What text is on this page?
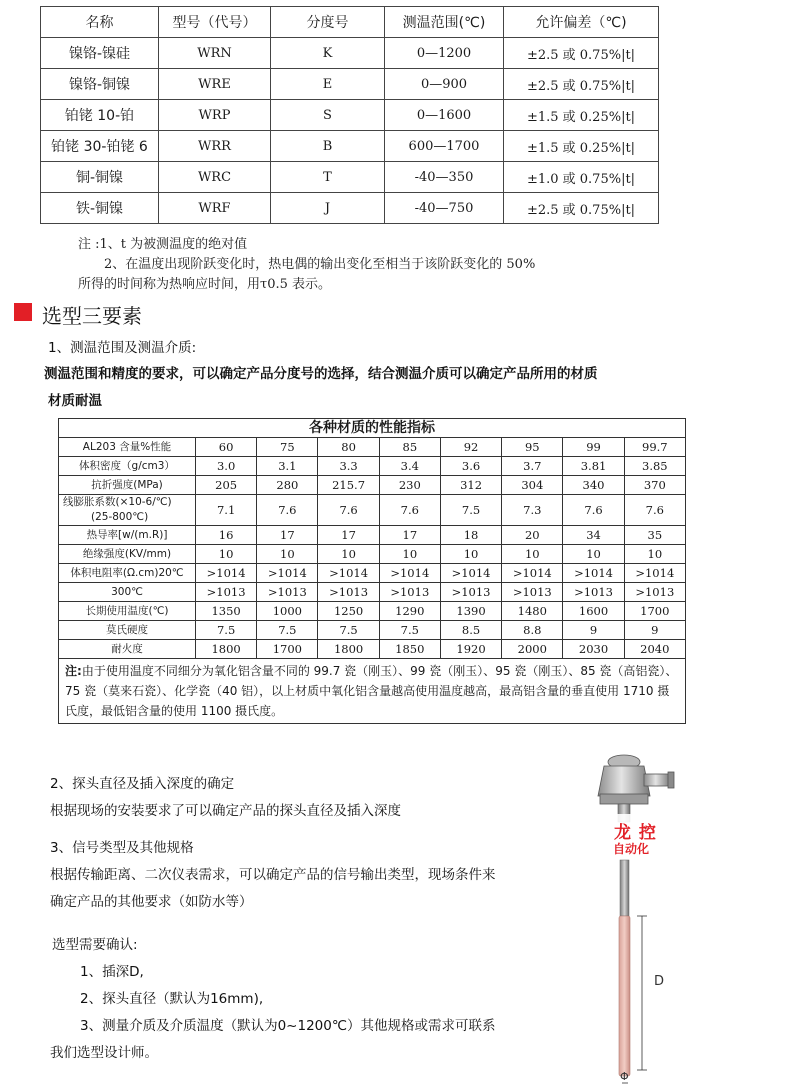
名称	型号（代号）	分度号	测温范围(℃)	允许偏差（℃)
镍铬-镍硅	WRN	K	0—1200	±2.5 或 0.75%|t|
镍铬-铜镍	WRE	E	0—900	±2.5 或 0.75%|t|
铂铑 10-铂	WRP	S	0—1600	±1.5 或 0.25%|t|
铂铑 30-铂铑 6	WRR	B	600—1700	±1.5 或 0.25%|t|
铜-铜镍	WRC	T	-40—350	±1.0 或 0.75%|t|
铁-铜镍	WRF	J	-40—750	±2.5 或 0.75%|t|
注 :1、t 为被测温度的绝对值
2、在温度出现阶跃变化时，热电偶的输出变化至相当于该阶跃变化的 50%
所得的时间称为热响应时间，用τ0.5 表示。
选型三要素
1、测温范围及测温介质:
测温范围和精度的要求，可以确定产品分度号的选择，结合测温介质可以确定产品所用的材质
材质耐温
各种材质的性能指标								
AL203 含量%性能	60	75	80	85	92	95	99	99.7
体积密度（g/cm3）	3.0	3.1	3.3	3.4	3.6	3.7	3.81	3.85
抗折强度(MPa)	205	280	215.7	230	312	304	340	370

线膨胀系数(×10-6/℃)
(25-800℃)	7.1	7.6	7.6	7.6	7.5	7.3	7.6	7.6
热导率[w/(m.R)]	16	17	17	17	18	20	34	35
绝缘强度(KV/mm)	10	10	10	10	10	10	10	10
体积电阻率(Ω.cm)20℃	>1014	>1014	>1014	>1014	>1014	>1014	>1014	>1014
300℃	>1013	>1013	>1013	>1013	>1013	>1013	>1013	>1013
长期使用温度(℃)	1350	1000	1250	1290	1390	1480	1600	1700
莫氏硬度	7.5	7.5	7.5	7.5	8.5	8.8	9	9
耐火度	1800	1700	1800	1850	1920	2000	2030	2040
注:由于使用温度不同细分为氧化铝含量不同的 99.7 瓷（刚玉）、99 瓷（刚玉）、95 瓷（刚玉）、85 瓷（高铝瓷）、75 瓷（莫来石瓷）、化学瓷（40 铝），以上材质中氧化铝含量越高使用温度越高，最高铝含量的垂直使用 1710 摄氏度，最低铝含量的使用 1100 摄氏度。								
2、探头直径及插入深度的确定
根据现场的安装要求了可以确定产品的探头直径及插入深度
3、信号类型及其他规格
根据传输距离、二次仪表需求，可以确定产品的信号输出类型，现场条件来
确定产品的其他要求（如防水等）
选型需要确认:
1、插深D,
2、探头直径（默认为16mm),
3、测量介质及介质温度（默认为0~1200℃）其他规格或需求可联系
我们选型设计师。
龙 控
自动化
D
Φ
